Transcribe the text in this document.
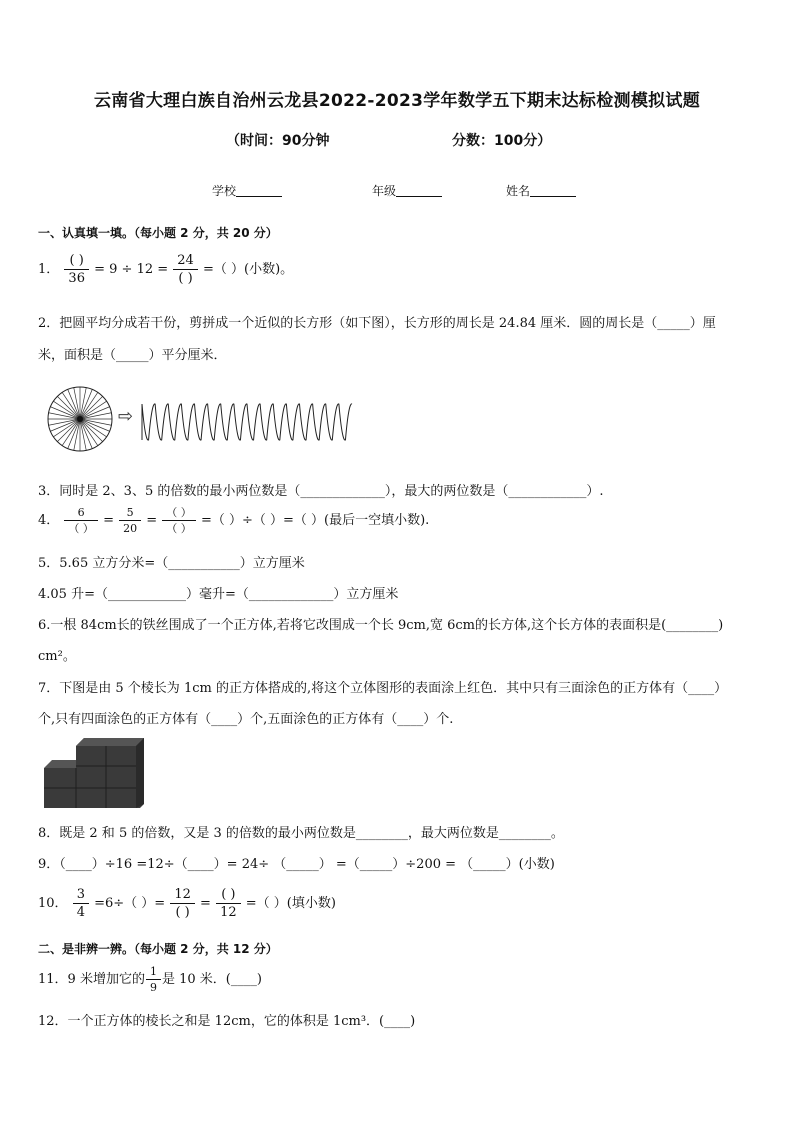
云南省大理白族自治州云龙县2022-2023学年数学五下期末达标检测模拟试题
（时间：90分钟	分数：100分）
学校	年级	姓名
一、认真填一填。（每小题 2 分，共 20 分）
1． $\frac{( )}{36} = 9 \div 12 = \frac{24}{( )}$ =（ ）(小数)。
2．把圆平均分成若干份，剪拼成一个近似的长方形（如下图），长方形的周长是 24.84 厘米．圆的周长是（_____）厘
米，面积是（_____）平分厘米．
⇨
3．同时是 2、3、5 的倍数的最小两位数是（_____________），最大的两位数是（____________）.
4． $\frac{6}{( )} = \frac{5}{20} = \frac{( )}{( )}$ =（ ）÷（ ）=（ ）(最后一空填小数).
5．5.65 立方分米=（___________）立方厘米
4.05 升=（____________）毫升=（_____________）立方厘米
6.一根 84cm长的铁丝围成了一个正方体,若将它改围成一个长 9cm,宽 6cm的长方体,这个长方体的表面积是(________)
cm²。
7．下图是由 5 个棱长为 1cm 的正方体搭成的,将这个立体图形的表面涂上红色．其中只有三面涂色的正方体有（____）
个,只有四面涂色的正方体有（____）个,五面涂色的正方体有（____）个.
8．既是 2 和 5 的倍数，又是 3 的倍数的最小两位数是________，最大两位数是________。
9．（____）÷16 =12÷（____）= 24÷ （_____） =（_____）÷200 = （_____）(小数)
10． $\frac{3}{4} =6\div$（ ）= $\frac{12}{( )} = \frac{( )}{12}$ =（ ）(填小数)
二、是非辨一辨。（每小题 2 分，共 12 分）
11．9 米增加它的 $\frac{1}{9}$ 是 10 米．(____)
12．一个正方体的棱长之和是 12cm，它的体积是 1cm³．(____)
